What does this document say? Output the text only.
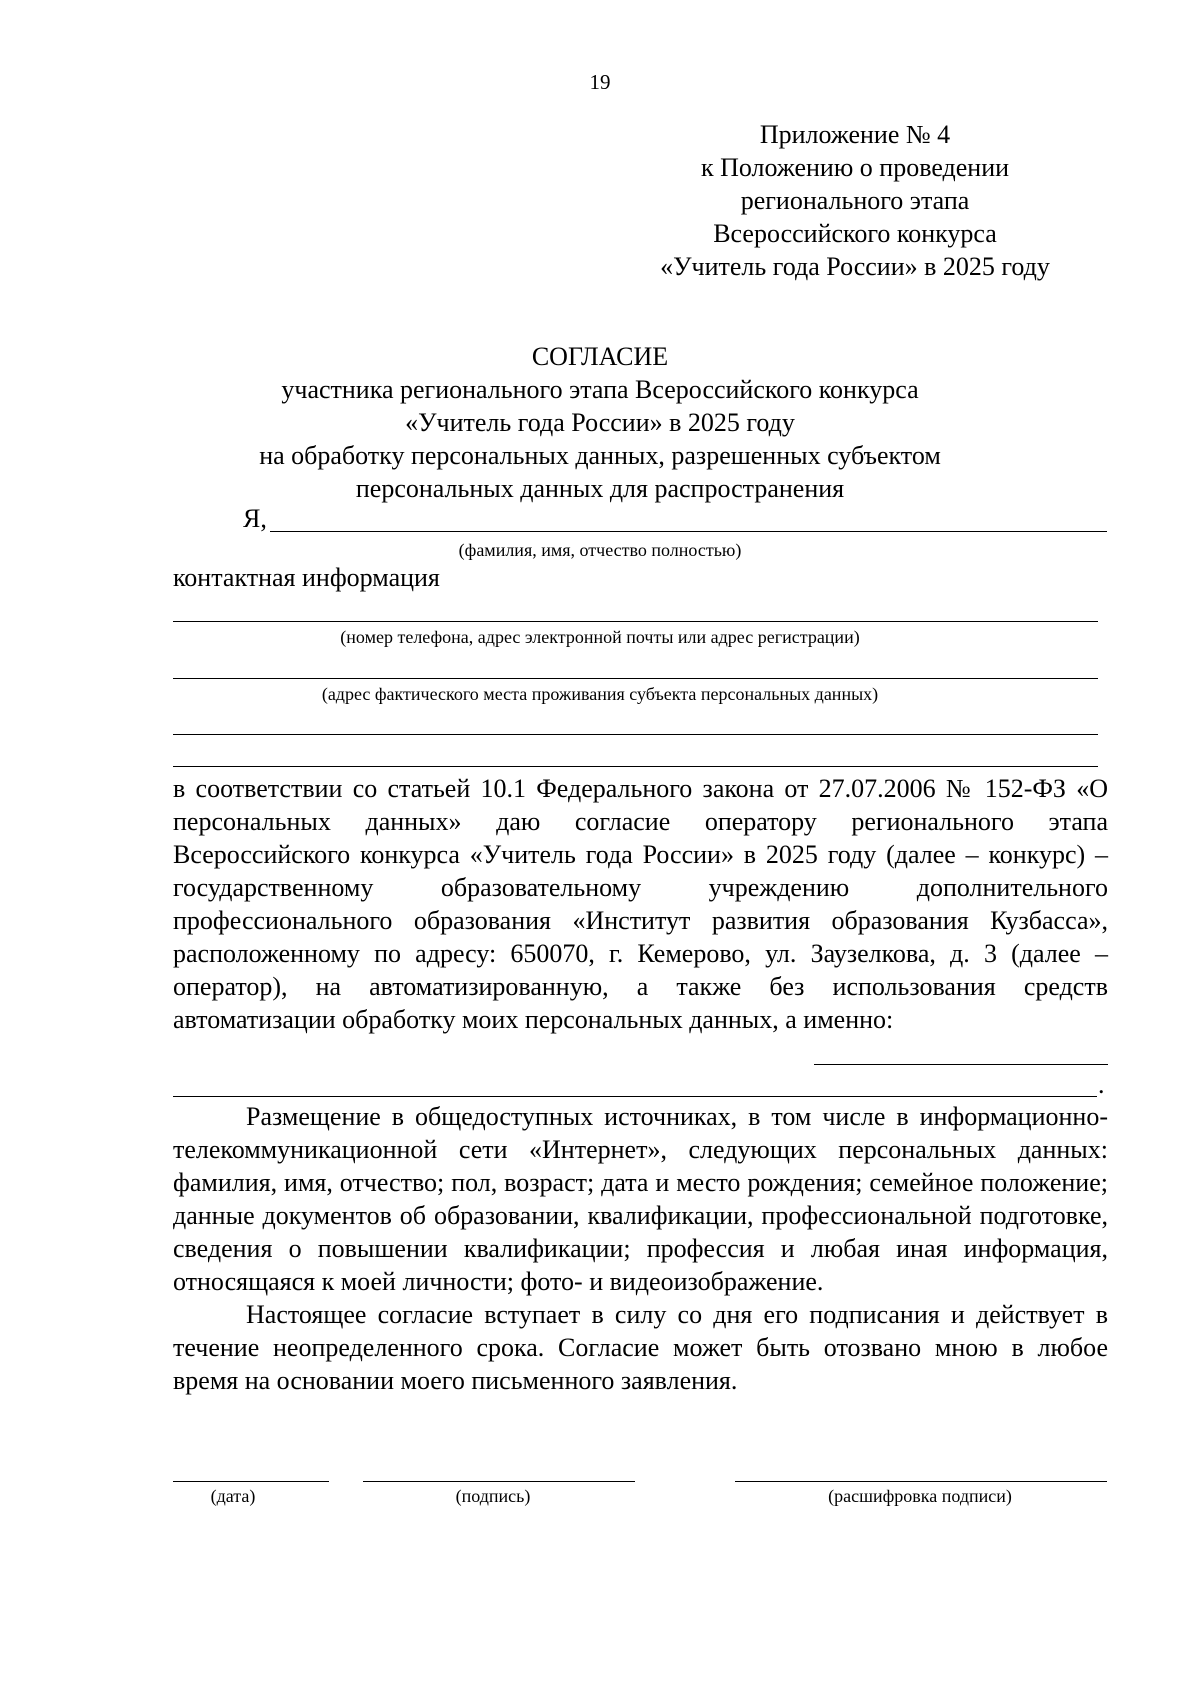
19
Приложение № 4
к Положению о проведении
регионального этапа
Всероссийского конкурса
«Учитель года России» в 2025 году
СОГЛАСИЕ
участника регионального этапа Всероссийского конкурса
«Учитель года России» в 2025 году
на обработку персональных данных, разрешенных субъектом
персональных данных для распространения
Я,
(фамилия, имя, отчество полностью)
контактная информация
(номер телефона, адрес электронной почты или адрес регистрации)
(адрес фактического места проживания субъекта персональных данных)

в соответствии со статьей 10.1 Федерального закона от 27.07.2006 № 152-ФЗ «О персональных данных» даю согласие оператору регионального этапа Всероссийского конкурса «Учитель года России» в 2025 году (далее – конкурс) – государственному образовательному учреждению дополнительного профессионального образования «Институт развития образования Кузбасса», расположенному по адресу: 650070, г. Кемерово, ул. Заузелкова, д. 3 (далее – оператор), на автоматизированную, а также без использования средств автоматизации обработку моих персональных данных, а именно:

.

Размещение в общедоступных источниках, в том числе в информационно-телекоммуникационной сети «Интернет», следующих персональных данных: фамилия, имя, отчество; пол, возраст; дата и место рождения; семейное положение; данные документов об образовании, квалификации, профессиональной подготовке, сведения о повышении квалификации; профессия и любая иная информация, относящаяся к моей личности; фото- и видеоизображение.

Настоящее согласие вступает в силу со дня его подписания и действует в течение неопределенного срока. Согласие может быть отозвано мною в любое время на основании моего письменного заявления.

(дата)	(подпись)	(расшифровка подписи)
